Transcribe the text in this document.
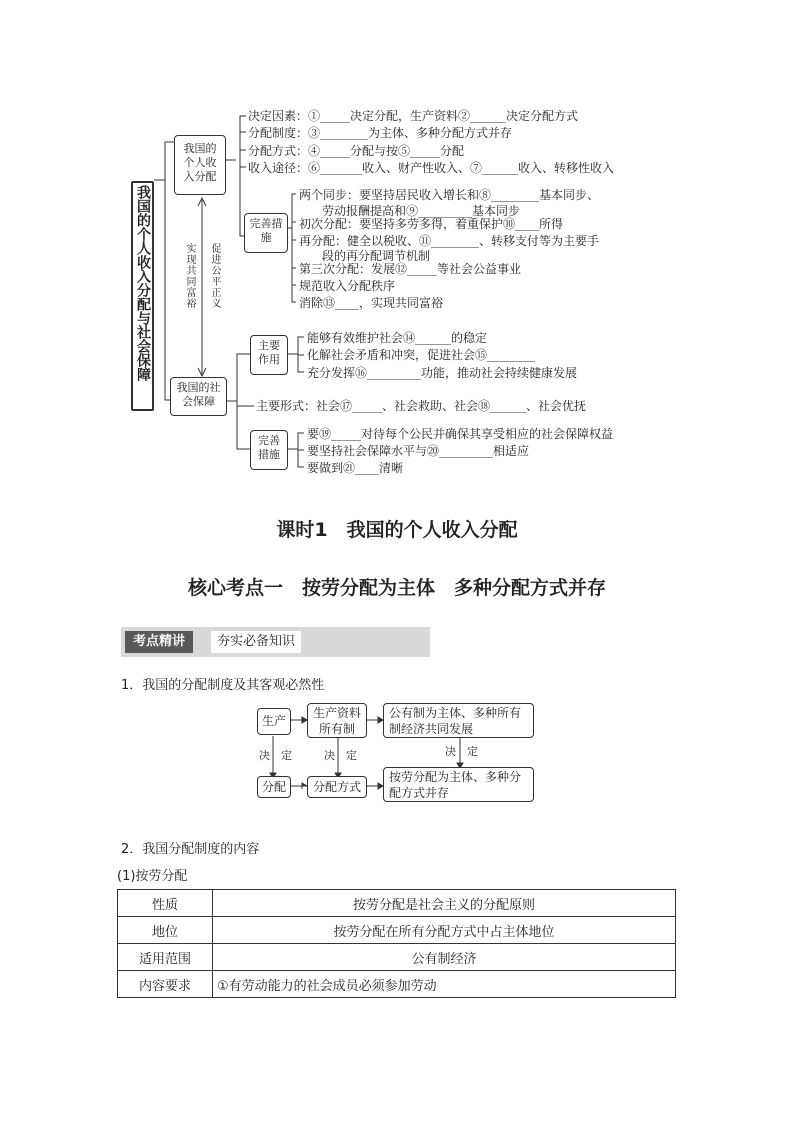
我国的个人收入分配与社会保障
我国的个人收入分配
我国的社会保障
实现共同富裕 促进公平正义
决定因素：①_____决定分配，生产资料②______决定分配方式
分配制度：③________为主体、多种分配方式并存
分配方式：④_____分配与按⑤_____分配
收入途径：⑥_______收入、财产性收入、⑦______收入、转移性收入
完善措施
两个同步：要坚持居民收入增长和⑧________基本同步、
劳动报酬提高和⑨_________基本同步
初次分配：要坚持多劳多得，着重保护⑩____所得
再分配：健全以税收、⑪________、转移支付等为主要手
段的再分配调节机制
第三次分配：发展⑫_____等社会公益事业
规范收入分配秩序
消除⑬____，实现共同富裕
主要作用
能够有效维护社会⑭______的稳定
化解社会矛盾和冲突，促进社会⑮________
充分发挥⑯_________功能，推动社会持续健康发展
主要形式：社会⑰_____、社会救助、社会⑱______、社会优抚
完善措施
要⑲_____对待每个公民并确保其享受相应的社会保障权益
要坚持社会保障水平与⑳_________相适应
要做到㉑____清晰
课时1　我国的个人收入分配
核心考点一　按劳分配为主体　多种分配方式并存
考点精讲	夯实必备知识
1．我国的分配制度及其客观必然性
生产
生产资料所有制
公有制为主体、多种所有制经济共同发展
决　定	决　定	决　定
分配	分配方式
按劳分配为主体、多种分配方式并存
2．我国分配制度的内容
(1)按劳分配
性质	按劳分配是社会主义的分配原则
地位	按劳分配在所有分配方式中占主体地位
适用范围	公有制经济
内容要求	①有劳动能力的社会成员必须参加劳动
